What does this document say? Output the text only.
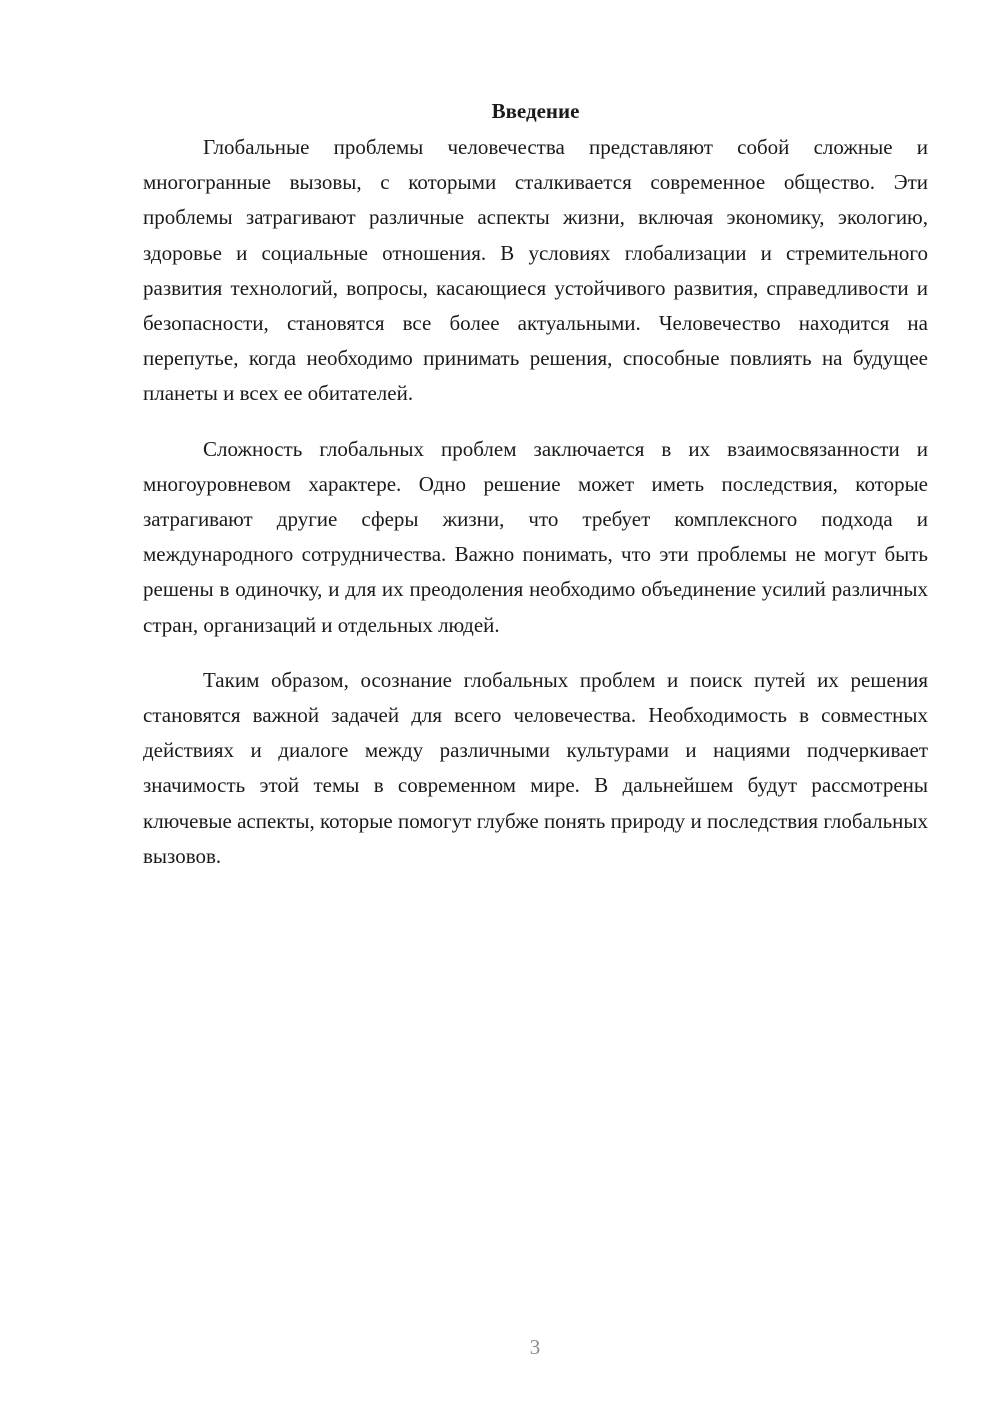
Введение

Глобальные проблемы человечества представляют собой сложные и многогранные вызовы, с которыми сталкивается современное общество. Эти проблемы затрагивают различные аспекты жизни, включая экономику, экологию, здоровье и социальные отношения. В условиях глобализации и стремительного развития технологий, вопросы, касающиеся устойчивого развития, справедливости и безопасности, становятся все более актуальными. Человечество находится на перепутье, когда необходимо принимать решения, способные повлиять на будущее планеты и всех ее обитателей.

Сложность глобальных проблем заключается в их взаимосвязанности и многоуровневом характере. Одно решение может иметь последствия, которые затрагивают другие сферы жизни, что требует комплексного подхода и международного сотрудничества. Важно понимать, что эти проблемы не могут быть решены в одиночку, и для их преодоления необходимо объединение усилий различных стран, организаций и отдельных людей.

Таким образом, осознание глобальных проблем и поиск путей их решения становятся важной задачей для всего человечества. Необходимость в совместных действиях и диалоге между различными культурами и нациями подчеркивает значимость этой темы в современном мире. В дальнейшем будут рассмотрены ключевые аспекты, которые помогут глубже понять природу и последствия глобальных вызовов.

3
